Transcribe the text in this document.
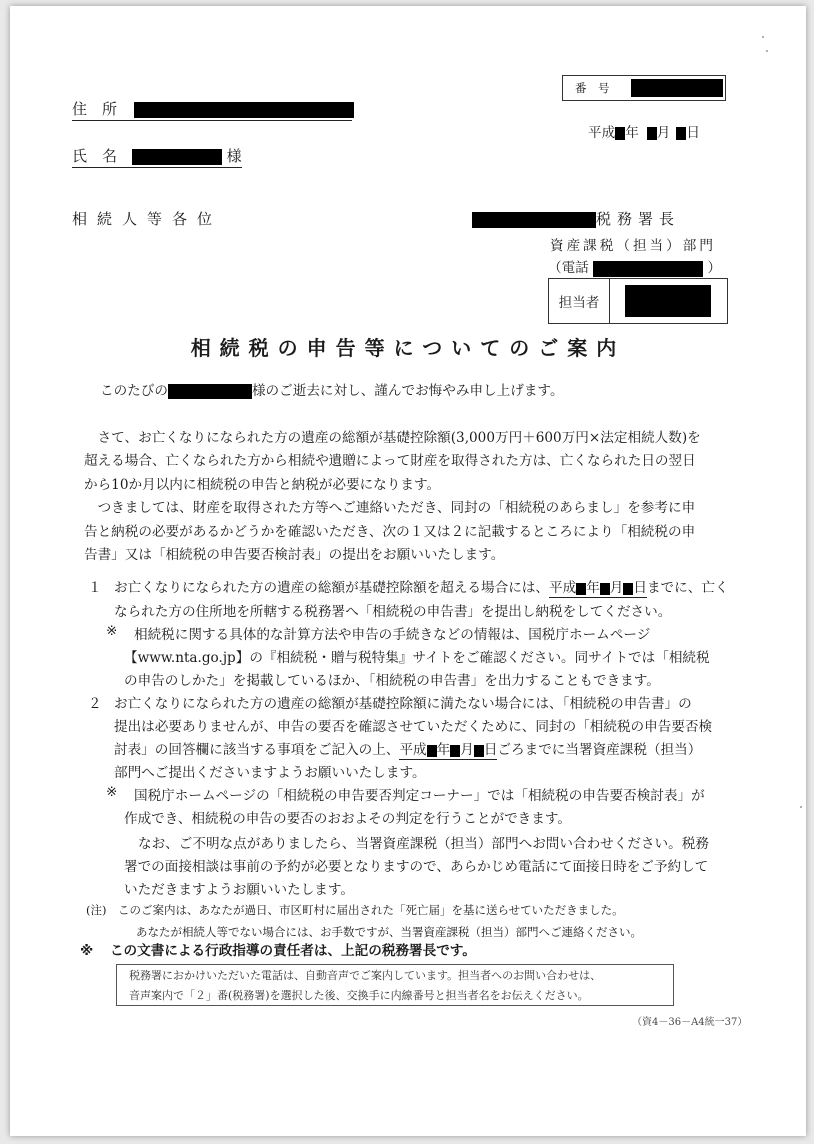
番　号
住　所
氏　名	様
平成 年 月 日
相続人等各位	税務署長
資産課税（担当）部門
（電話	）
担当者
相続税の申告等についてのご案内
このたびの	様のご逝去に対し、謹んでお悔やみ申し上げます。

　さて、お亡くなりになられた方の遺産の総額が基礎控除額(3,000万円＋600万円×法定相続人数)を

超える場合、亡くなられた方から相続や遺贈によって財産を取得された方は、亡くなられた日の翌日

から10か月以内に相続税の申告と納税が必要になります。

　つきましては、財産を取得された方等へご連絡いただき、同封の「相続税のあらまし」を参考に申

告と納税の必要があるかどうかを確認いただき、次の１又は２に記載するところにより「相続税の申

告書」又は「相続税の申告要否検討表」の提出をお願いいたします。

１ お亡くなりになられた方の遺産の総額が基礎控除額を超える場合には、平成 年 月 日までに、亡く
なられた方の住所地を所轄する税務署へ「相続税の申告書」を提出し納税をしてください。
※ 相続税に関する具体的な計算方法や申告の手続きなどの情報は、国税庁ホームページ
【www.nta.go.jp】の『相続税・贈与税特集』サイトをご確認ください。同サイトでは「相続税
の申告のしかた」を掲載しているほか、「相続税の申告書」を出力することもできます。
２ お亡くなりになられた方の遺産の総額が基礎控除額に満たない場合には、「相続税の申告書」の
提出は必要ありませんが、申告の要否を確認させていただくために、同封の「相続税の申告要否検
討表」の回答欄に該当する事項をご記入の上、平成 年 月 日ごろまでに当署資産課税（担当）
部門へご提出くださいますようお願いいたします。
※ 国税庁ホームページの「相続税の申告要否判定コーナー」では「相続税の申告要否検討表」が
作成でき、相続税の申告の要否のおおよその判定を行うことができます。
なお、ご不明な点がありましたら、当署資産課税（担当）部門へお問い合わせください。税務
署での面接相談は事前の予約が必要となりますので、あらかじめ電話にて面接日時をご予約して
いただきますようお願いいたします。
(注) このご案内は、あなたが過日、市区町村に届出された「死亡届」を基に送らせていただきました。
あなたが相続人等でない場合には、お手数ですが、当署資産課税（担当）部門へご連絡ください。
※ この文書による行政指導の責任者は、上記の税務署長です。

税務署におかけいただいた電話は、自動音声でご案内しています。担当者へのお問い合わせは、

音声案内で「２」番(税務署)を選択した後、交換手に内線番号と担当者名をお伝えください。

（資4－36－A4統一37）
